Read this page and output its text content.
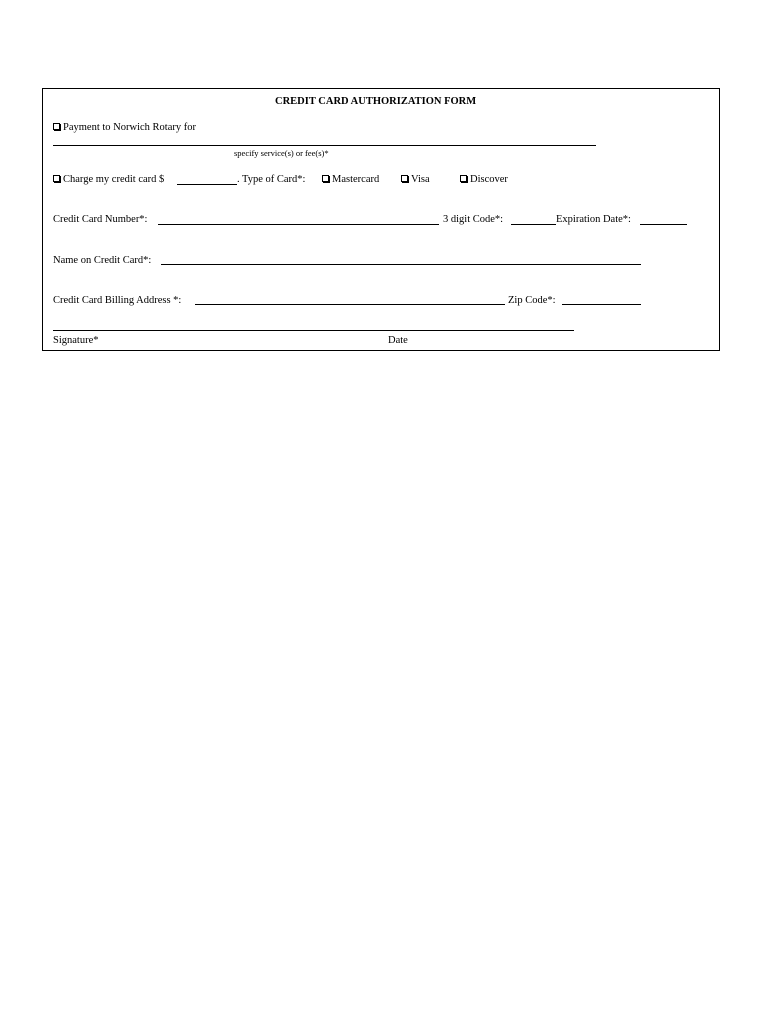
CREDIT CARD AUTHORIZATION FORM
Payment to Norwich Rotary for
specify service(s) or fee(s)*
Charge my credit card $	. Type of Card*:	Mastercard	Visa	Discover
Credit Card Number*:	3 digit Code*:	Expiration Date*:
Name on Credit Card*:
Credit Card Billing Address *:	Zip Code*:
Signature*	Date
